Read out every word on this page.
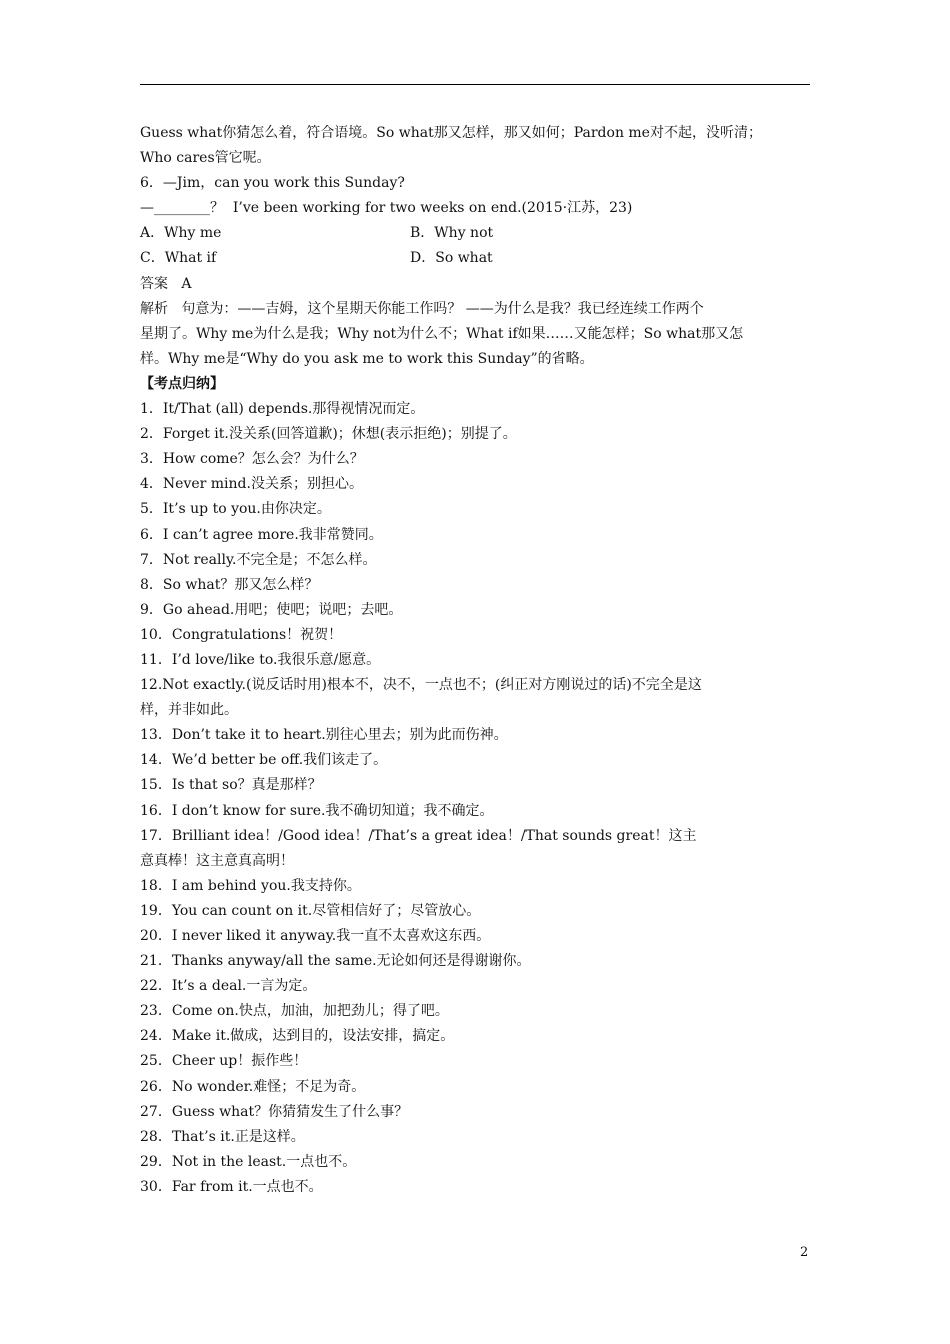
Guess what你猜怎么着，符合语境。So what那又怎样，那又如何；Pardon me对不起，没听清；

Who cares管它呢。

6．—Jim，can you work this Sunday?

—________？  I’ve been working for two weeks on end.(2015·江苏，23)

A．Why me	B．Why not
C．What if	D．So what

答案   A

解析   句意为：——吉姆，这个星期天你能工作吗？ ——为什么是我？我已经连续工作两个

星期了。Why me为什么是我；Why not为什么不；What if如果……又能怎样；So what那又怎

样。Why me是“Why do you ask me to work this Sunday”的省略。

【考点归纳】

1．It/That (all) depends.那得视情况而定。

2．Forget it.没关系(回答道歉)；休想(表示拒绝)；别提了。

3．How come？怎么会？为什么？

4．Never mind.没关系；别担心。

5．It’s up to you.由你决定。

6．I can’t agree more.我非常赞同。

7．Not really.不完全是；不怎么样。

8．So what？那又怎么样？

9．Go ahead.用吧；使吧；说吧；去吧。

10．Congratulations！祝贺！

11．I’d love/like to.我很乐意/愿意。

12.Not exactly.(说反话时用)根本不，决不，一点也不；(纠正对方刚说过的话)不完全是这

样，并非如此。

13．Don’t take it to heart.别往心里去；别为此而伤神。

14．We’d better be off.我们该走了。

15．Is that so？真是那样？

16．I don’t know for sure.我不确切知道；我不确定。

17．Brilliant idea！/Good idea！/That’s a great idea！/That sounds great！这主

意真棒！这主意真高明！

18．I am behind you.我支持你。

19．You can count on it.尽管相信好了；尽管放心。

20．I never liked it anyway.我一直不太喜欢这东西。

21．Thanks anyway/all the same.无论如何还是得谢谢你。

22．It’s a deal.一言为定。

23．Come on.快点，加油，加把劲儿；得了吧。

24．Make it.做成，达到目的，设法安排，搞定。

25．Cheer up！振作些！

26．No wonder.难怪；不足为奇。

27．Guess what？你猜猜发生了什么事？

28．That’s it.正是这样。

29．Not in the least.一点也不。

30．Far from it.一点也不。

2
